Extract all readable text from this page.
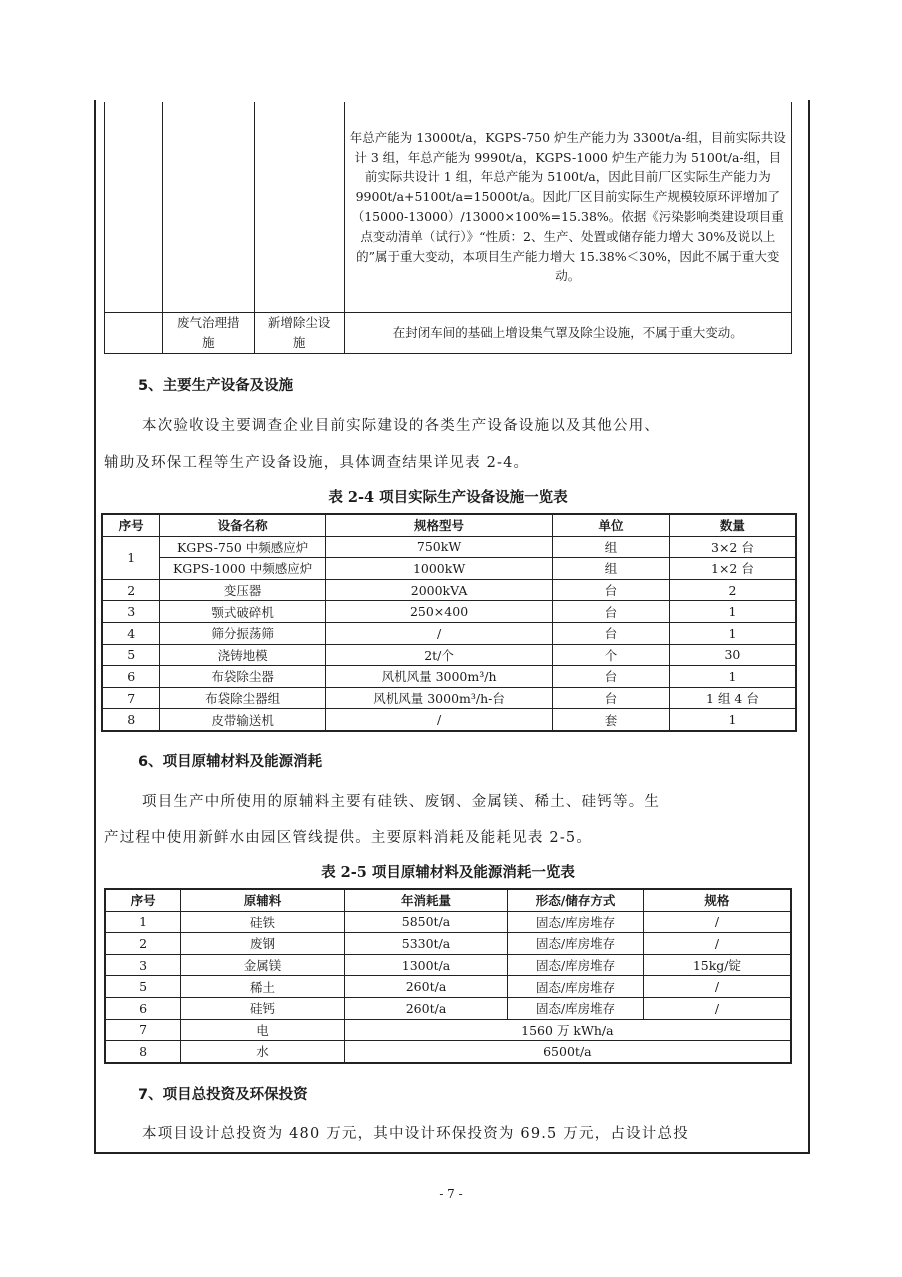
			年总产能为 13000t/a，KGPS-750 炉生产能力为 3300t/a-组，目前实际共设计 3 组，年总产能为 9990t/a，KGPS-1000 炉生产能力为 5100t/a-组，目前实际共设计 1 组，年总产能为 5100t/a，因此目前厂区实际生产能力为 9900t/a+5100t/a=15000t/a。因此厂区目前实际生产规模较原环评增加了（15000-13000）/13000×100%=15.38%。依据《污染影响类建设项目重点变动清单（试行）》“性质：2、生产、处置或储存能力增大 30%及说以上的”属于重大变动，本项目生产能力增大 15.38%＜30%，因此不属于重大变动。
	废气治理措施	新增除尘设施	在封闭车间的基础上增设集气罩及除尘设施，不属于重大变动。
5、主要生产设备及设施
本次验收设主要调查企业目前实际建设的各类生产设备设施以及其他公用、
辅助及环保工程等生产设备设施，具体调查结果详见表 2-4。
表 2-4 项目实际生产设备设施一览表
序号	设备名称	规格型号	单位	数量
1	KGPS-750 中频感应炉	750kW	组	3×2 台
	KGPS-1000 中频感应炉	1000kW	组	1×2 台
2	变压器	2000kVA	台	2
3	颚式破碎机	250×400	台	1
4	筛分振荡筛	/	台	1
5	浇铸地模	2t/个	个	30
6	布袋除尘器	风机风量 3000m³/h	台	1
7	布袋除尘器组	风机风量 3000m³/h-台	台	1 组 4 台
8	皮带输送机	/	套	1
6、项目原辅材料及能源消耗
项目生产中所使用的原辅料主要有硅铁、废钢、金属镁、稀土、硅钙等。生
产过程中使用新鲜水由园区管线提供。主要原料消耗及能耗见表 2-5。
表 2-5 项目原辅材料及能源消耗一览表
序号	原辅料	年消耗量	形态/储存方式	规格
1	硅铁	5850t/a	固态/库房堆存	/
2	废钢	5330t/a	固态/库房堆存	/
3	金属镁	1300t/a	固态/库房堆存	15kg/锭
5	稀土	260t/a	固态/库房堆存	/
6	硅钙	260t/a	固态/库房堆存	/
7	电	1560 万 kWh/a		
8	水	6500t/a		
7、项目总投资及环保投资
本项目设计总投资为 480 万元，其中设计环保投资为 69.5 万元，占设计总投
- 7 -
